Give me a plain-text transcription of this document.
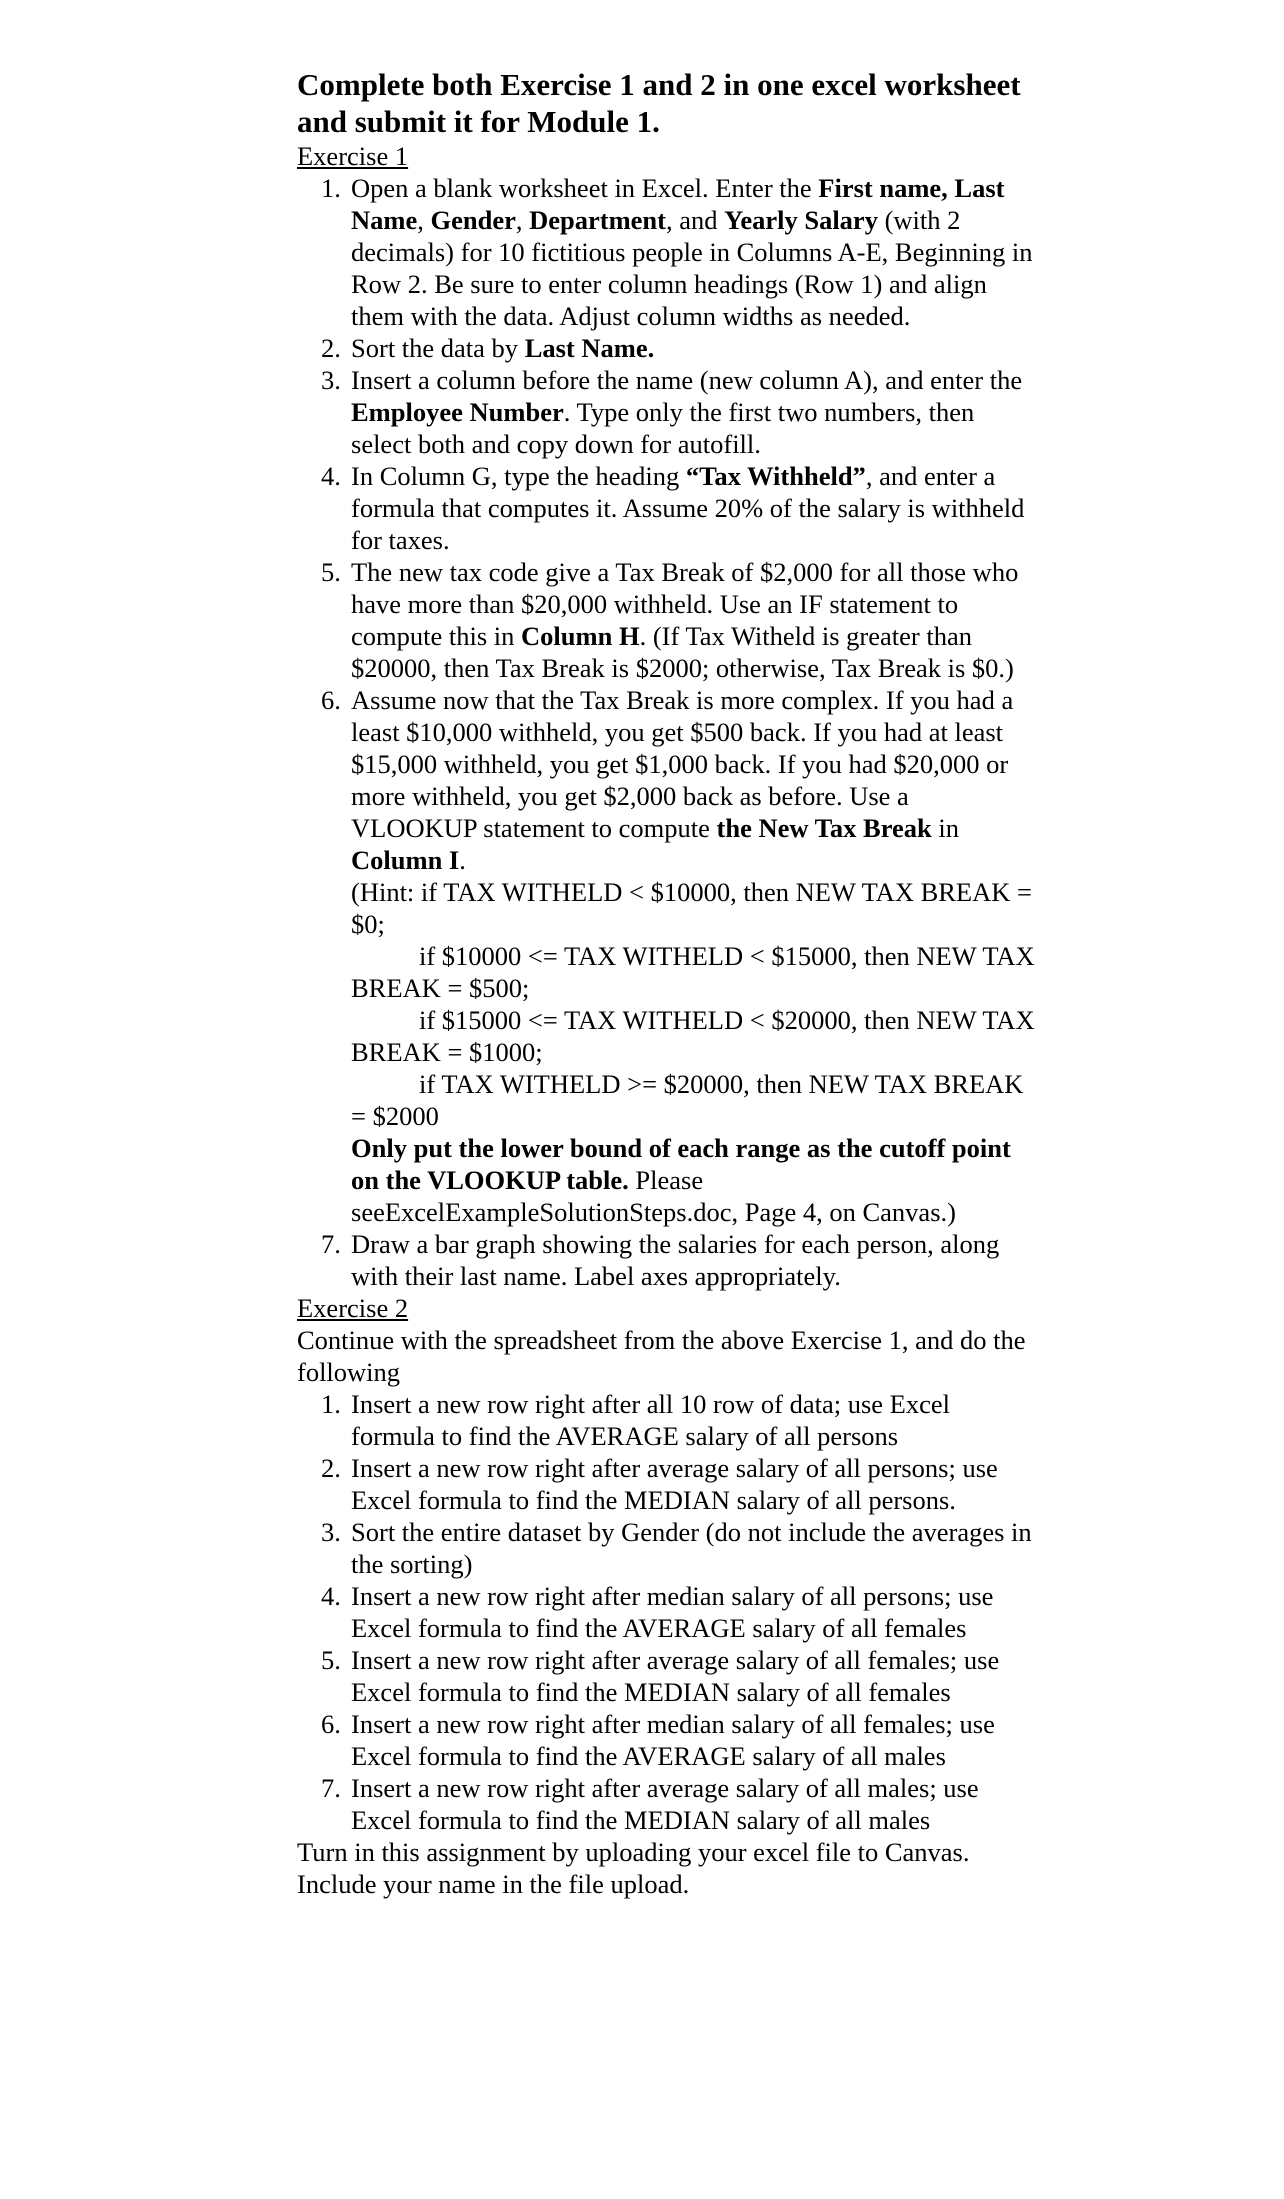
Complete both Exercise 1 and 2 in one excel worksheet and submit it for Module 1.
Exercise 1
1. Open a blank worksheet in Excel. Enter the First name, Last Name, Gender, Department, and Yearly Salary (with 2 decimals) for 10 fictitious people in Columns A-E, Beginning in Row 2. Be sure to enter column headings (Row 1) and align them with the data. Adjust column widths as needed.
2. Sort the data by Last Name.
3. Insert a column before the name (new column A), and enter the Employee Number. Type only the first two numbers, then select both and copy down for autofill.
4. In Column G, type the heading “Tax Withheld”, and enter a formula that computes it. Assume 20% of the salary is withheld for taxes.
5. The new tax code give a Tax Break of $2,000 for all those who have more than $20,000 withheld. Use an IF statement to compute this in Column H. (If Tax Witheld is greater than $20000, then Tax Break is $2000; otherwise, Tax Break is $0.)
6. Assume now that the Tax Break is more complex. If you had a least $10,000 withheld, you get $500 back. If you had at least $15,000 withheld, you get $1,000 back. If you had $20,000 or more withheld, you get $2,000 back as before. Use a VLOOKUP statement to compute the New Tax Break in Column I.
(Hint: if TAX WITHELD < $10000, then NEW TAX BREAK = $0;
if $10000 <= TAX WITHELD < $15000, then NEW TAX BREAK = $500;
if $15000 <= TAX WITHELD < $20000, then NEW TAX BREAK = $1000;
if TAX WITHELD >= $20000, then NEW TAX BREAK = $2000
Only put the lower bound of each range as the cutoff point on the VLOOKUP table. Please seeExcelExampleSolutionSteps.doc, Page 4, on Canvas.)
7. Draw a bar graph showing the salaries for each person, along with their last name. Label axes appropriately.
Exercise 2
Continue with the spreadsheet from the above Exercise 1, and do the following
1. Insert a new row right after all 10 row of data; use Excel formula to find the AVERAGE salary of all persons
2. Insert a new row right after average salary of all persons; use Excel formula to find the MEDIAN salary of all persons.
3. Sort the entire dataset by Gender (do not include the averages in the sorting)
4. Insert a new row right after median salary of all persons; use Excel formula to find the AVERAGE salary of all females
5. Insert a new row right after average salary of all females; use Excel formula to find the MEDIAN salary of all females
6. Insert a new row right after median salary of all females; use Excel formula to find the AVERAGE salary of all males
7. Insert a new row right after average salary of all males; use Excel formula to find the MEDIAN salary of all males
Turn in this assignment by uploading your excel file to Canvas. Include your name in the file upload.
